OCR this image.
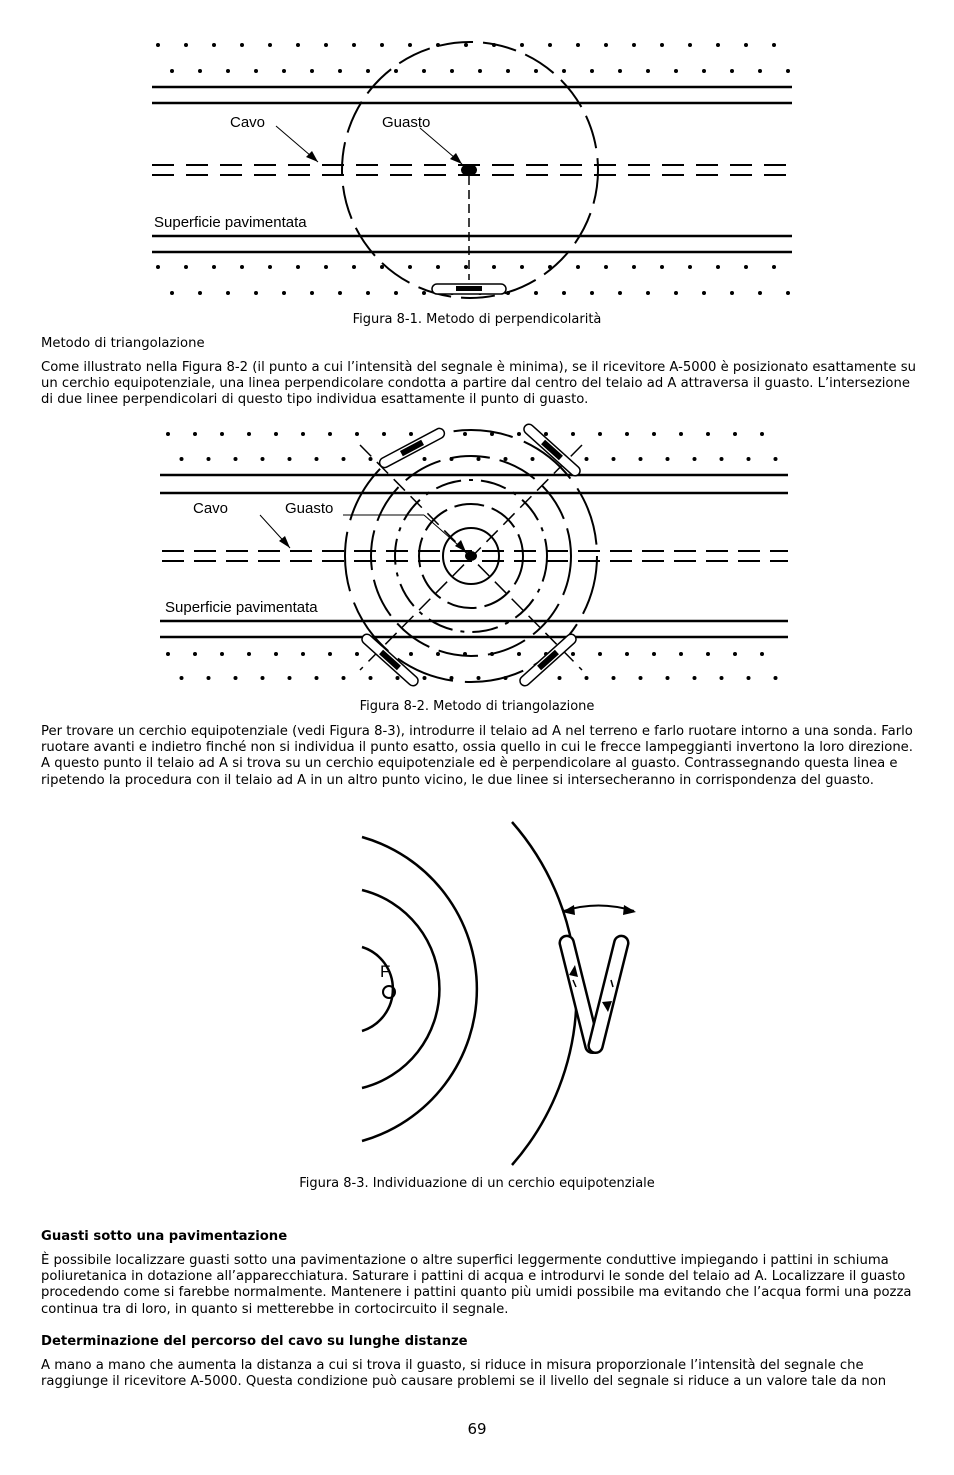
Cavo	Guasto
Superficie pavimentata
Figura 8-1. Metodo di perpendicolarità

Metodo di triangolazione

Come illustrato nella Figura 8-2 (il punto a cui l’intensità del segnale è minima), se il ricevitore A-5000 è posizionato esattamente su un cerchio equipotenziale, una linea perpendicolare condotta a partire dal centro del telaio ad A attraversa il guasto. L’intersezione di due linee perpendicolari di questo tipo individua esattamente il punto di guasto.

Cavo	Guasto
Superficie pavimentata
Figura 8-2. Metodo di triangolazione

Per trovare un cerchio equipotenziale (vedi Figura 8-3), introdurre il telaio ad A nel terreno e farlo ruotare intorno a una sonda. Farlo ruotare avanti e indietro finché non si individua il punto esatto, ossia quello in cui le frecce lampeggianti invertono la loro direzione. A questo punto il telaio ad A si trova su un cerchio equipotenziale ed è perpendicolare al guasto. Contrassegnando questa linea e ripetendo la procedura con il telaio ad A in un altro punto vicino, le due linee si intersecheranno in corrispondenza del guasto.

F
Figura 8-3. Individuazione di un cerchio equipotenziale

Guasti sotto una pavimentazione

È possibile localizzare guasti sotto una pavimentazione o altre superfici leggermente conduttive impiegando i pattini in schiuma poliuretanica in dotazione all’apparecchiatura. Saturare i pattini di acqua e introdurvi le sonde del telaio ad A. Localizzare il guasto procedendo come si farebbe normalmente. Mantenere i pattini quanto più umidi possibile ma evitando che l’acqua formi una pozza continua tra di loro, in quanto si metterebbe in cortocircuito il segnale.

Determinazione del percorso del cavo su lunghe distanze

A mano a mano che aumenta la distanza a cui si trova il guasto, si riduce in misura proporzionale l’intensità del segnale che raggiunge il ricevitore A-5000. Questa condizione può causare problemi se il livello del segnale si riduce a un valore tale da non

69
